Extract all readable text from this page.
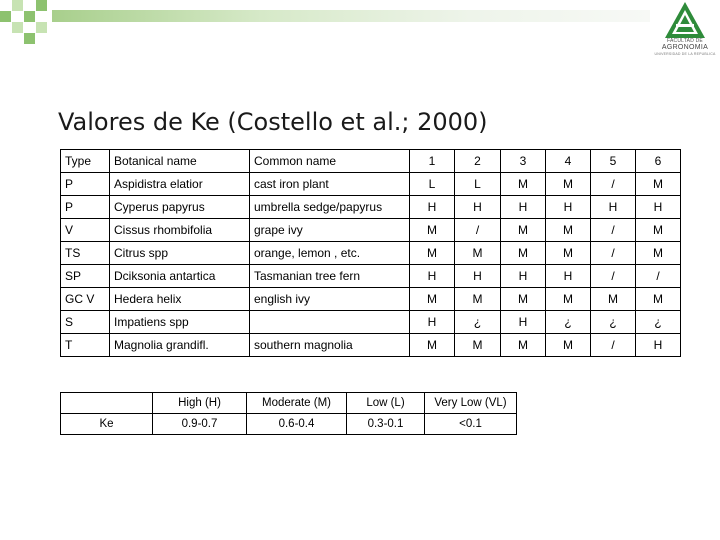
FACULTAD DE
AGRONOMIA
UNIVERSIDAD DE LA REPUBLICA
Valores de Ke (Costello et al.; 2000)
Type	Botanical name	Common name	1	2	3	4	5	6
P	Aspidistra elatior	cast iron plant	L	L	M	M	/	M
P	Cyperus papyrus	umbrella sedge/papyrus	H	H	H	H	H	H
V	Cissus rhombifolia	grape ivy	M	/	M	M	/	M
TS	Citrus spp	orange, lemon , etc.	M	M	M	M	/	M
SP	Dciksonia antartica	Tasmanian tree fern	H	H	H	H	/	/
GC V	Hedera helix	english ivy	M	M	M	M	M	M
S	Impatiens spp		H	¿	H	¿	¿	¿
T	Magnolia grandifl.	southern magnolia	M	M	M	M	/	H
	High (H)	Moderate (M)	Low (L)	Very Low (VL)
Ke	0.9-0.7	0.6-0.4	0.3-0.1	<0.1
